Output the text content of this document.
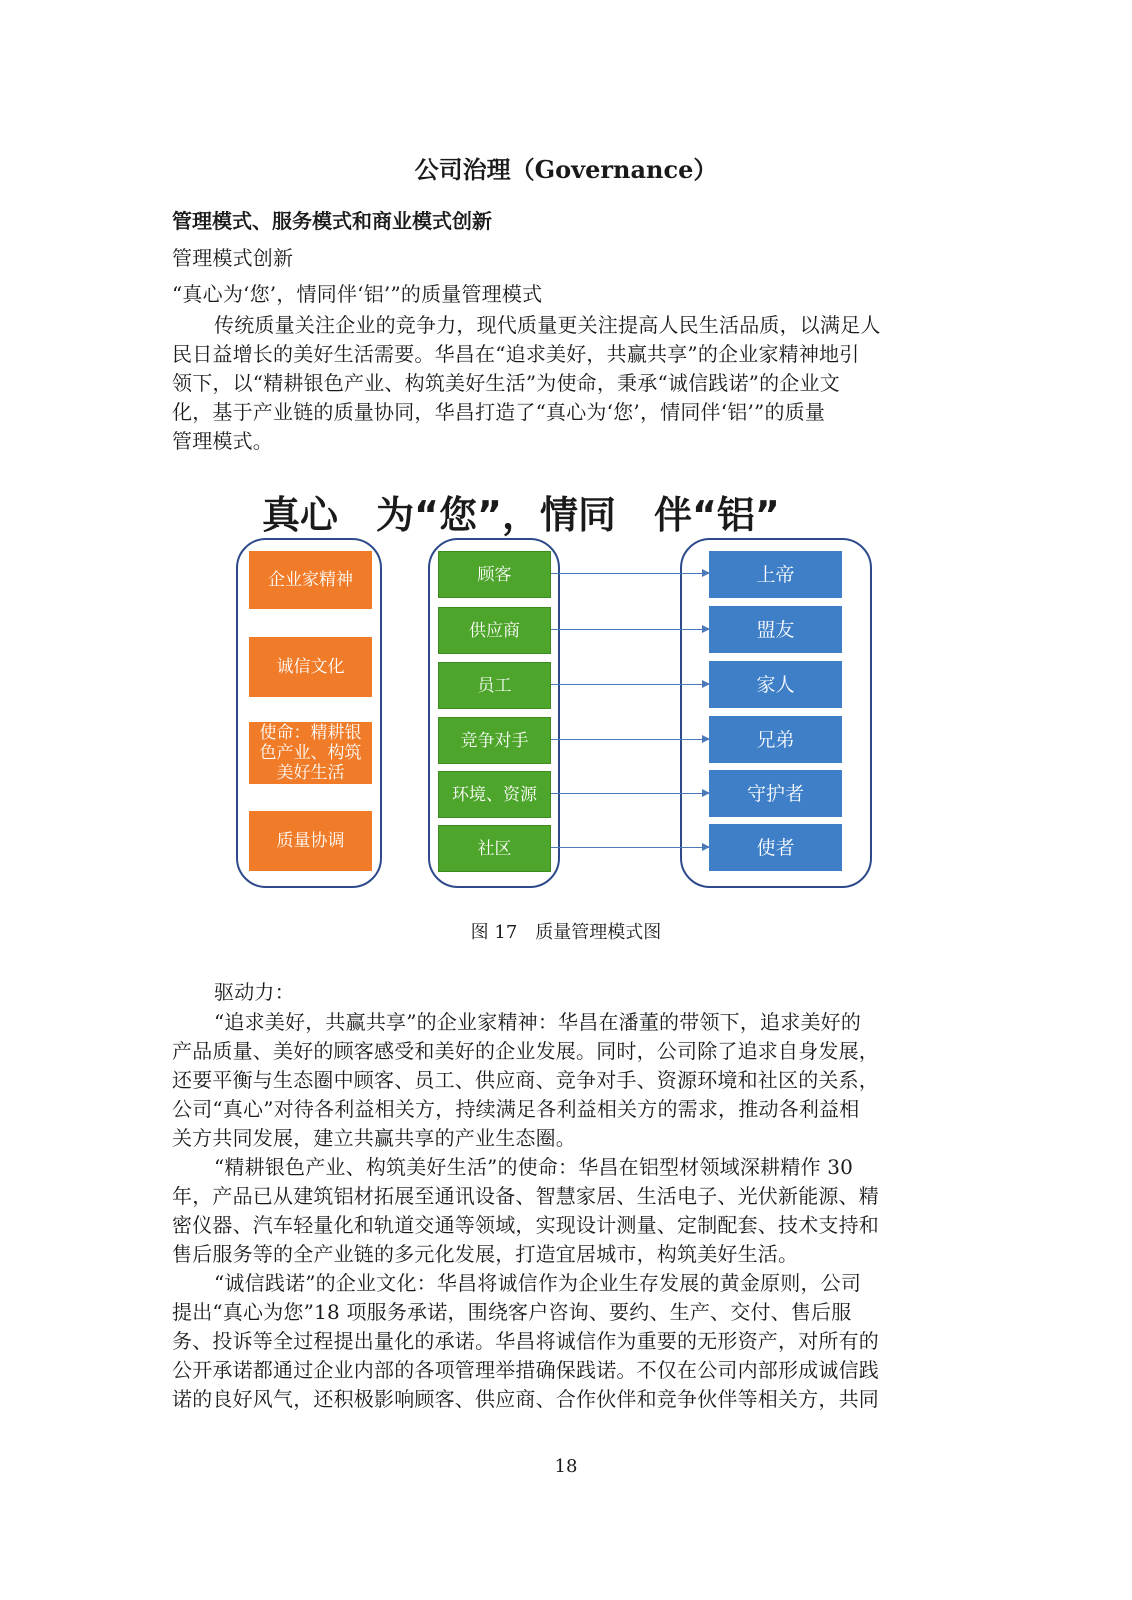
公司治理（Governance）
管理模式、服务模式和商业模式创新
管理模式创新
“真心为‘您’，情同伴‘铝’”的质量管理模式
传统质量关注企业的竞争力，现代质量更关注提高人民生活品质，以满足人
民日益增长的美好生活需要。华昌在“追求美好，共赢共享”的企业家精神地引
领下，以“精耕银色产业、构筑美好生活”为使命，秉承“诚信践诺”的企业文
化，基于产业链的质量协同，华昌打造了“真心为‘您’，情同伴‘铝’”的质量
管理模式。
真心　为“您”，情同　伴“铝”
企业家精神
诚信文化
使命：精耕银色产业、构筑美好生活
质量协调
顾客
供应商
员工
竞争对手
环境、资源
社区
上帝
盟友
家人
兄弟
守护者
使者
图 17　质量管理模式图
驱动力：
“追求美好，共赢共享”的企业家精神：华昌在潘董的带领下，追求美好的
产品质量、美好的顾客感受和美好的企业发展。同时，公司除了追求自身发展，
还要平衡与生态圈中顾客、员工、供应商、竞争对手、资源环境和社区的关系，
公司“真心”对待各利益相关方，持续满足各利益相关方的需求，推动各利益相
关方共同发展，建立共赢共享的产业生态圈。
“精耕银色产业、构筑美好生活”的使命：华昌在铝型材领域深耕精作 30
年，产品已从建筑铝材拓展至通讯设备、智慧家居、生活电子、光伏新能源、精
密仪器、汽车轻量化和轨道交通等领域，实现设计测量、定制配套、技术支持和
售后服务等的全产业链的多元化发展，打造宜居城市，构筑美好生活。
“诚信践诺”的企业文化：华昌将诚信作为企业生存发展的黄金原则，公司
提出“真心为您”18 项服务承诺，围绕客户咨询、要约、生产、交付、售后服
务、投诉等全过程提出量化的承诺。华昌将诚信作为重要的无形资产，对所有的
公开承诺都通过企业内部的各项管理举措确保践诺。不仅在公司内部形成诚信践
诺的良好风气，还积极影响顾客、供应商、合作伙伴和竞争伙伴等相关方，共同
18
